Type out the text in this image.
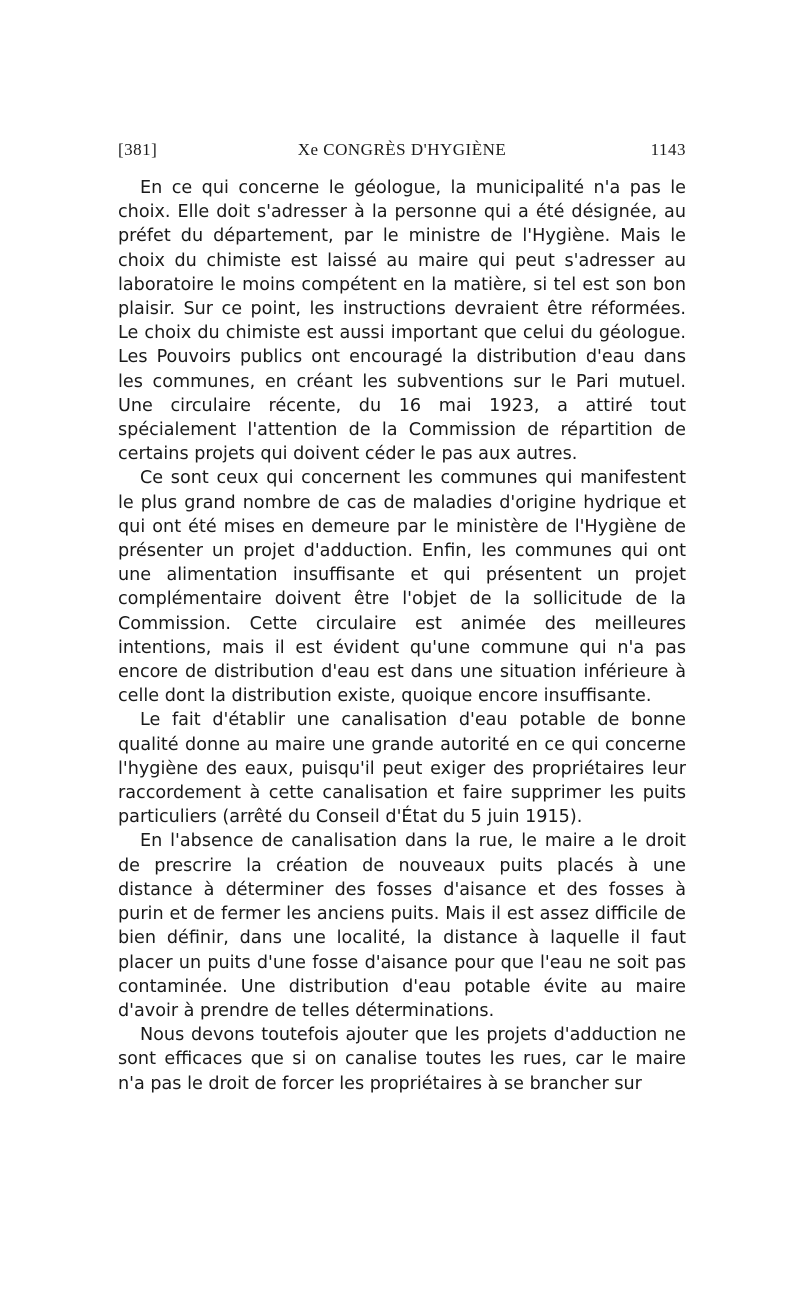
[381]	Xe CONGRÈS D'HYGIÈNE	1143

En ce qui concerne le géologue, la municipalité n'a pas le choix. Elle doit s'adresser à la personne qui a été désignée, au préfet du département, par le ministre de l'Hygiène. Mais le choix du chimiste est laissé au maire qui peut s'adresser au laboratoire le moins compétent en la matière, si tel est son bon plaisir. Sur ce point, les instructions devraient être réformées. Le choix du chimiste est aussi important que celui du géologue. Les Pouvoirs publics ont encouragé la distribution d'eau dans les communes, en créant les subventions sur le Pari mutuel. Une circulaire récente, du 16 mai 1923, a attiré tout spécialement l'attention de la Commission de répartition de certains projets qui doivent céder le pas aux autres.

Ce sont ceux qui concernent les communes qui manifestent le plus grand nombre de cas de maladies d'origine hydrique et qui ont été mises en demeure par le ministère de l'Hygiène de présenter un projet d'adduction. Enfin, les communes qui ont une alimentation insuffisante et qui présentent un projet complémentaire doivent être l'objet de la sollicitude de la Commission. Cette circulaire est animée des meilleures intentions, mais il est évident qu'une commune qui n'a pas encore de distribution d'eau est dans une situation inférieure à celle dont la distribution existe, quoique encore insuffisante.

Le fait d'établir une canalisation d'eau potable de bonne qualité donne au maire une grande autorité en ce qui concerne l'hygiène des eaux, puisqu'il peut exiger des propriétaires leur raccordement à cette canalisation et faire supprimer les puits particuliers (arrêté du Conseil d'État du 5 juin 1915).

En l'absence de canalisation dans la rue, le maire a le droit de prescrire la création de nouveaux puits placés à une distance à déterminer des fosses d'aisance et des fosses à purin et de fermer les anciens puits. Mais il est assez difficile de bien définir, dans une localité, la distance à laquelle il faut placer un puits d'une fosse d'aisance pour que l'eau ne soit pas contaminée. Une distribution d'eau potable évite au maire d'avoir à prendre de telles déterminations.

Nous devons toutefois ajouter que les projets d'adduction ne sont efficaces que si on canalise toutes les rues, car le maire n'a pas le droit de forcer les propriétaires à se brancher sur
